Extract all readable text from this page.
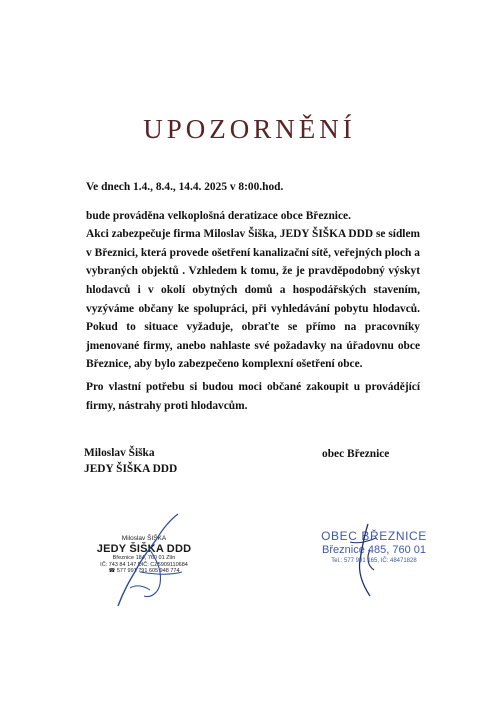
UPOZORNĚNÍ
Ve dnech 1.4., 8.4., 14.4. 2025 v 8:00.hod.
bude prováděna velkoplošná deratizace obce Březnice.
Akci zabezpečuje firma Miloslav Šiška, JEDY ŠIŠKA DDD se sídlem
v Březnici, která provede ošetření kanalizační sítě, veřejných ploch a
vybraných objektů . Vzhledem k tomu, že je pravděpodobný výskyt
hlodavců i v okolí obytných domů a hospodářských stavením,
vyzýváme občany ke spolupráci, při vyhledávání pobytu hlodavců.
Pokud to situace vyžaduje, obraťte se přímo na pracovníky
jmenované firmy, anebo nahlaste své požadavky na úřadovnu obce
Březnice, aby bylo zabezpečeno komplexní ošetření obce.
Pro vlastní potřebu si budou moci občané zakoupit u provádějící
firmy, nástrahy proti hlodavcům.
Miloslav Šiška
JEDY ŠIŠKA DDD
obec Březnice
Miloslav ŠIŠKA
JEDY ŠIŠKA DDD
Březnice 184, 760 01 Zlín
IČ: 743 84 147 DIČ: CZ5909110684
☎ 577 991 791 605 948 774
OBEC BŘEZNICE
Březnice 485, 760 01
Tel.: 577 991 165, IČ: 48471828
